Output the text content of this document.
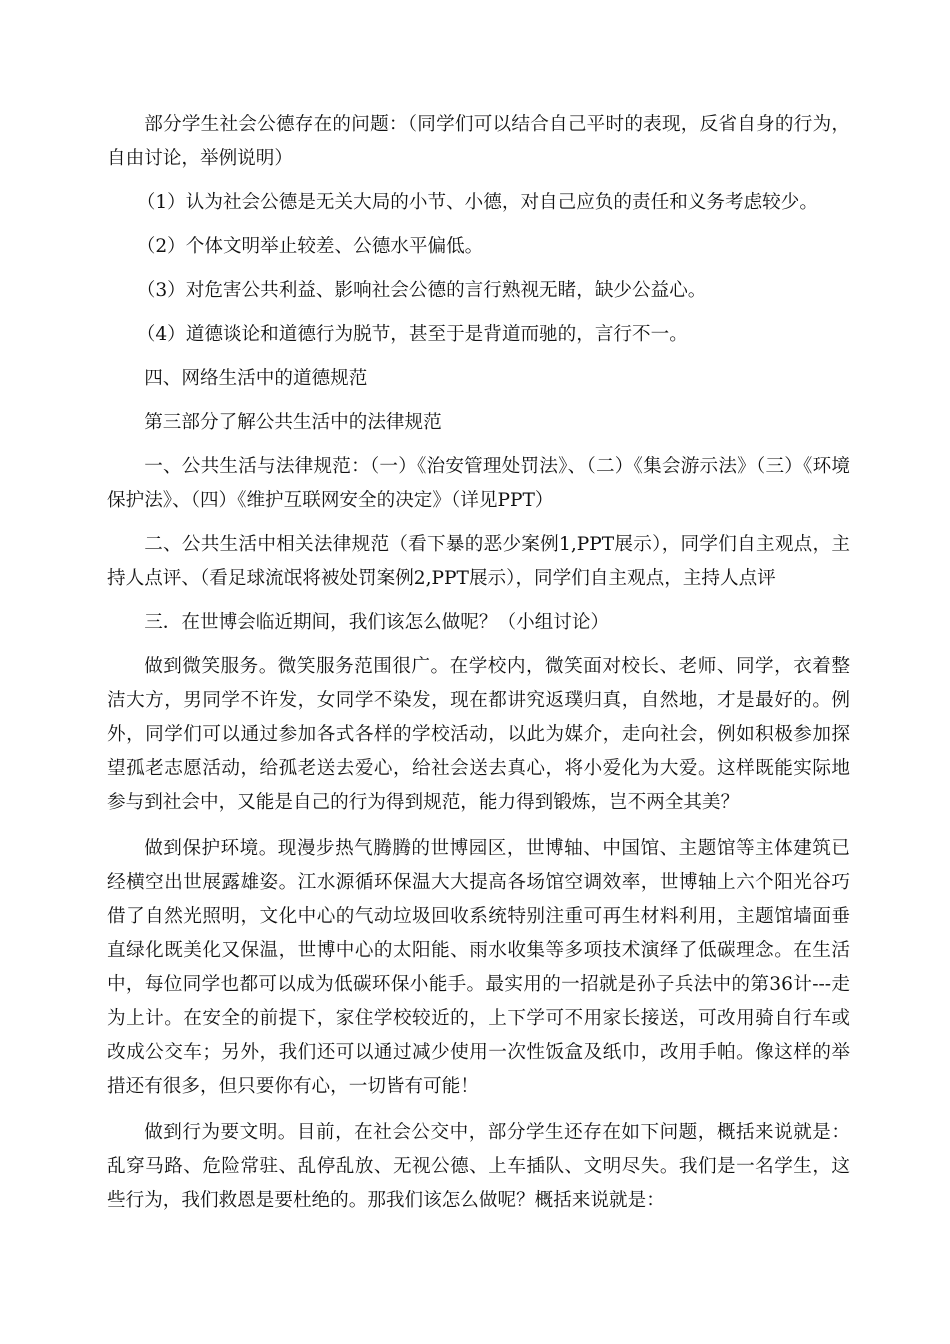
部分学生社会公德存在的问题：（同学们可以结合自己平时的表现，反省自身的行为，自由讨论，举例说明）

（1）认为社会公德是无关大局的小节、小德，对自己应负的责任和义务考虑较少。

（2）个体文明举止较差、公德水平偏低。

（3）对危害公共利益、影响社会公德的言行熟视无睹，缺少公益心。

（4）道德谈论和道德行为脱节，甚至于是背道而驰的，言行不一。

四、网络生活中的道德规范

第三部分了解公共生活中的法律规范

一、公共生活与法律规范：（一）《治安管理处罚法》、（二）《集会游示法》（三）《环境保护法》、（四）《维护互联网安全的决定》（详见PPT）

二、公共生活中相关法律规范（看下暴的恶少案例1,PPT展示），同学们自主观点，主持人点评、（看足球流氓将被处罚案例2,PPT展示），同学们自主观点，主持人点评

三．在世博会临近期间，我们该怎么做呢？（小组讨论）

做到微笑服务。微笑服务范围很广。在学校内，微笑面对校长、老师、同学，衣着整洁大方，男同学不许发，女同学不染发，现在都讲究返璞归真，自然地，才是最好的。例外，同学们可以通过参加各式各样的学校活动，以此为媒介，走向社会，例如积极参加探望孤老志愿活动，给孤老送去爱心，给社会送去真心，将小爱化为大爱。这样既能实际地参与到社会中，又能是自己的行为得到规范，能力得到锻炼，岂不两全其美？

做到保护环境。现漫步热气腾腾的世博园区，世博轴、中国馆、主题馆等主体建筑已经横空出世展露雄姿。江水源循环保温大大提高各场馆空调效率，世博轴上六个阳光谷巧借了自然光照明，文化中心的气动垃圾回收系统特别注重可再生材料利用，主题馆墙面垂直绿化既美化又保温，世博中心的太阳能、雨水收集等多项技术演绎了低碳理念。在生活中，每位同学也都可以成为低碳环保小能手。最实用的一招就是孙子兵法中的第36计---走为上计。在安全的前提下，家住学校较近的，上下学可不用家长接送，可改用骑自行车或改成公交车；另外，我们还可以通过减少使用一次性饭盒及纸巾，改用手帕。像这样的举措还有很多，但只要你有心，一切皆有可能！

做到行为要文明。目前，在社会公交中，部分学生还存在如下问题，概括来说就是：乱穿马路、危险常驻、乱停乱放、无视公德、上车插队、文明尽失。我们是一名学生，这些行为，我们救恩是要杜绝的。那我们该怎么做呢？概括来说就是：
